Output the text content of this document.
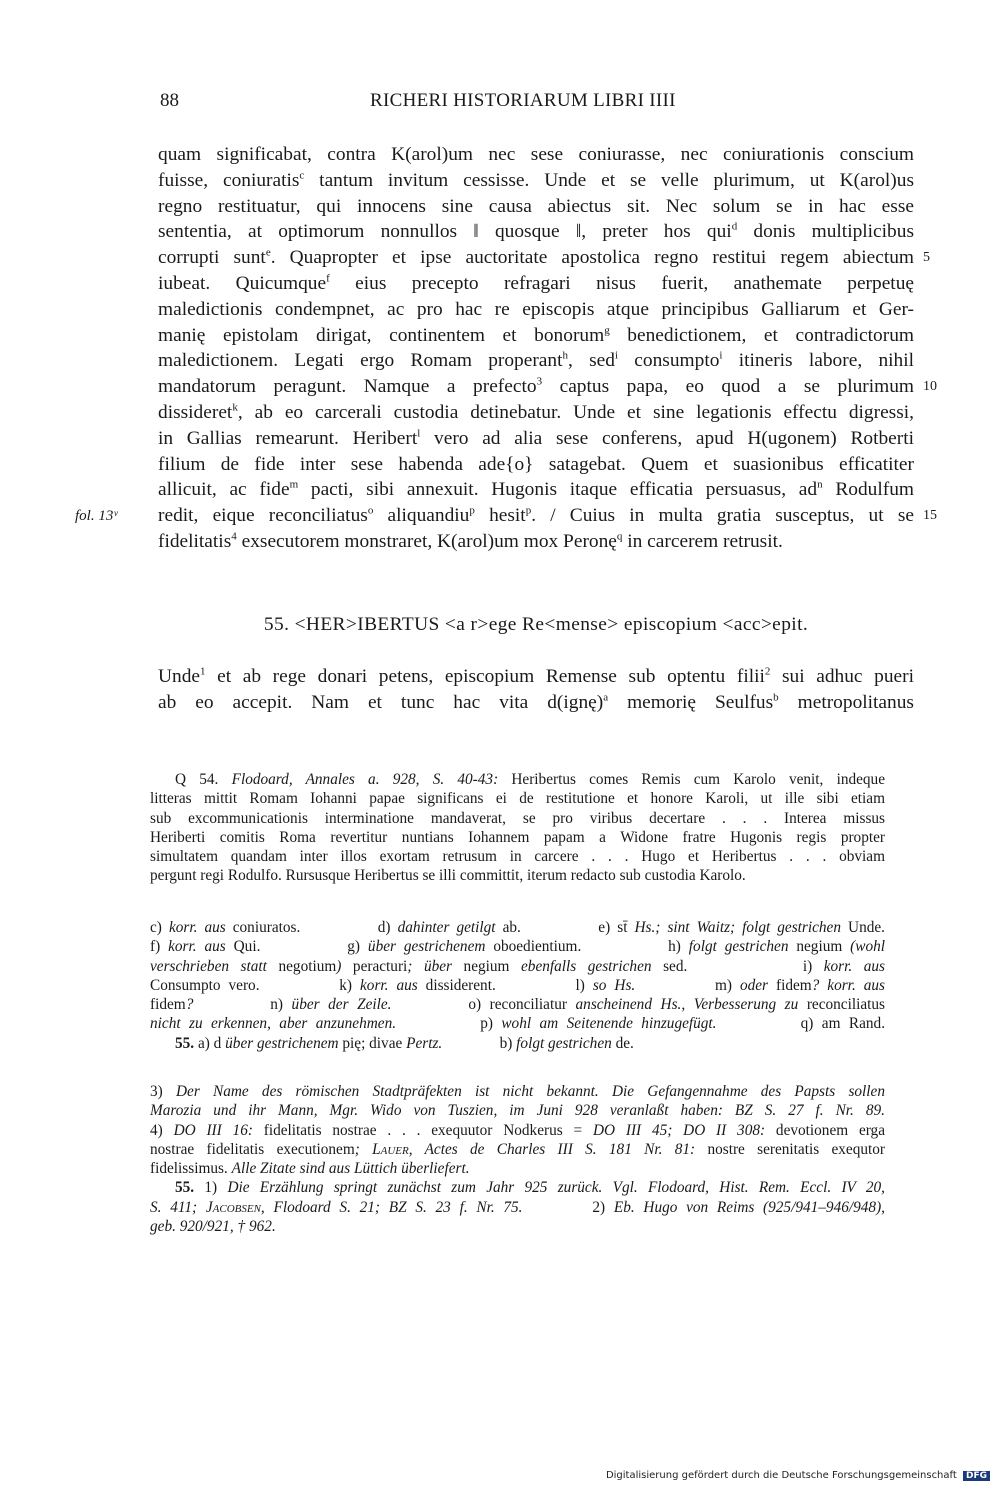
88	RICHERI HISTORIARUM LIBRI IIII
quam significabat, contra K(arol)um nec sese coniurasse, nec coniurationis conscium
fuisse, coniuratis$^c$ tantum invitum cessisse. Unde et se velle plurimum, ut K(arol)us
regno restituatur, qui innocens sine causa abiectus sit. Nec solum se in hac esse
sententia, at optimorum nonnullos ‖ quosque ‖, preter hos qui$^d$ donis multiplicibus
corrupti sunt$^e$. Quapropter et ipse auctoritate apostolica regno restitui regem abiectum
iubeat. Quicumque$^f$ eius precepto refragari nisus fuerit, anathemate perpetuę
maledictionis condempnet, ac pro hac re episcopis atque principibus Galliarum et Ger-
manię epistolam dirigat, continentem et bonorum$^g$ benedictionem, et contradictorum
maledictionem. Legati ergo Romam properant$^h$, sed$^i$ consumpto$^i$ itineris labore, nihil
mandatorum peragunt. Namque a prefecto$^3$ captus papa, eo quod a se plurimum
dissideret$^k$, ab eo carcerali custodia detinebatur. Unde et sine legationis effectu digressi,
in Gallias remearunt. Heribert$^l$ vero ad alia sese conferens, apud H(ugonem) Rotberti
filium de fide inter sese habenda ade{o} satagebat. Quem et suasionibus efficatiter
allicuit, ac fide$^m$ pacti, sibi annexuit. Hugonis itaque efficatia persuasus, $ad^n$ Rodulfum
redit, eique reconciliatus$^o$ aliquandiu$^p$ hesit$^p$. / Cuius in multa gratia susceptus, ut se
fidelitatis$^4$ exsecutorem monstraret, K(arol)um mox Peronę$^q$ in carcerem retrusit.
5
10
15
fol. 13ᵛ
55. <HER>IBERTUS <a r>ege Re<mense> episcopium <acc>epit.
Unde$^1$ et ab rege donari petens, episcopium Remense sub optentu filii$^2$ sui adhuc pueri
ab eo accepit. Nam et tunc hac vita d(ignę)$^a$ memorię Seulfus$^b$ metropolitanus
Q 54. Flodoard, Annales a. 928, S. 40-43: Heribertus comes Remis cum Karolo venit, indeque
litteras mittit Romam Iohanni papae significans ei de restitutione et honore Karoli, ut ille sibi etiam
sub excommunicationis interminatione mandaverat, se pro viribus decertare . . . Interea missus
Heriberti comitis Roma revertitur nuntians Iohannem papam a Widone fratre Hugonis regis propter
simultatem quandam inter illos exortam retrusum in carcere . . . Hugo et Heribertus . . . obviam
pergunt regi Rodulfo. Rursusque Heribertus se illi committit, iterum redacto sub custodia Karolo.
c) korr. aus coniuratos.           d) dahinter getilgt ab.           e) st̄ Hs.; sint Waitz; folgt gestrichen Unde.
f) korr. aus Qui.           g) über gestrichenem oboedientium.           h) folgt gestrichen negium (wohl
verschrieben statt negotium) peracturi; über negium ebenfalls gestrichen sed.          i) korr. aus
Consumpto vero.          k) korr. aus dissiderent.          l) so Hs.          m) oder fidem? korr. aus
fidem?         n) über der Zeile.         o) reconciliatur anscheinend Hs., Verbesserung zu reconciliatus
nicht zu erkennen, aber anzunehmen.          p) wohl am Seitenende hinzugefügt.          q) am Rand.
55. a) d über gestrichenem pię; divae Pertz.               b) folgt gestrichen de.
3) Der Name des römischen Stadtpräfekten ist nicht bekannt. Die Gefangennahme des Papsts sollen
Marozia und ihr Mann, Mgr. Wido von Tuszien, im Juni 928 veranlaßt haben: BZ S. 27 f. Nr. 89.
4) DO III 16: fidelitatis nostrae . . . exequutor Nodkerus = DO III 45; DO II 308: devotionem erga
nostrae fidelitatis executionem; Lauer, Actes de Charles III S. 181 Nr. 81: nostre serenitatis exequtor
fidelissimus. Alle Zitate sind aus Lüttich überliefert.
55. 1) Die Erzählung springt zunächst zum Jahr 925 zurück. Vgl. Flodoard, Hist. Rem. Eccl. IV 20,
S. 411; Jacobsen, Flodoard S. 21; BZ S. 23 f. Nr. 75.        2) Eb. Hugo von Reims (925/941–946/948),
geb. 920/921, † 962.
Digitalisierung gefördert durch die Deutsche Forschungsgemeinschaft DFG
